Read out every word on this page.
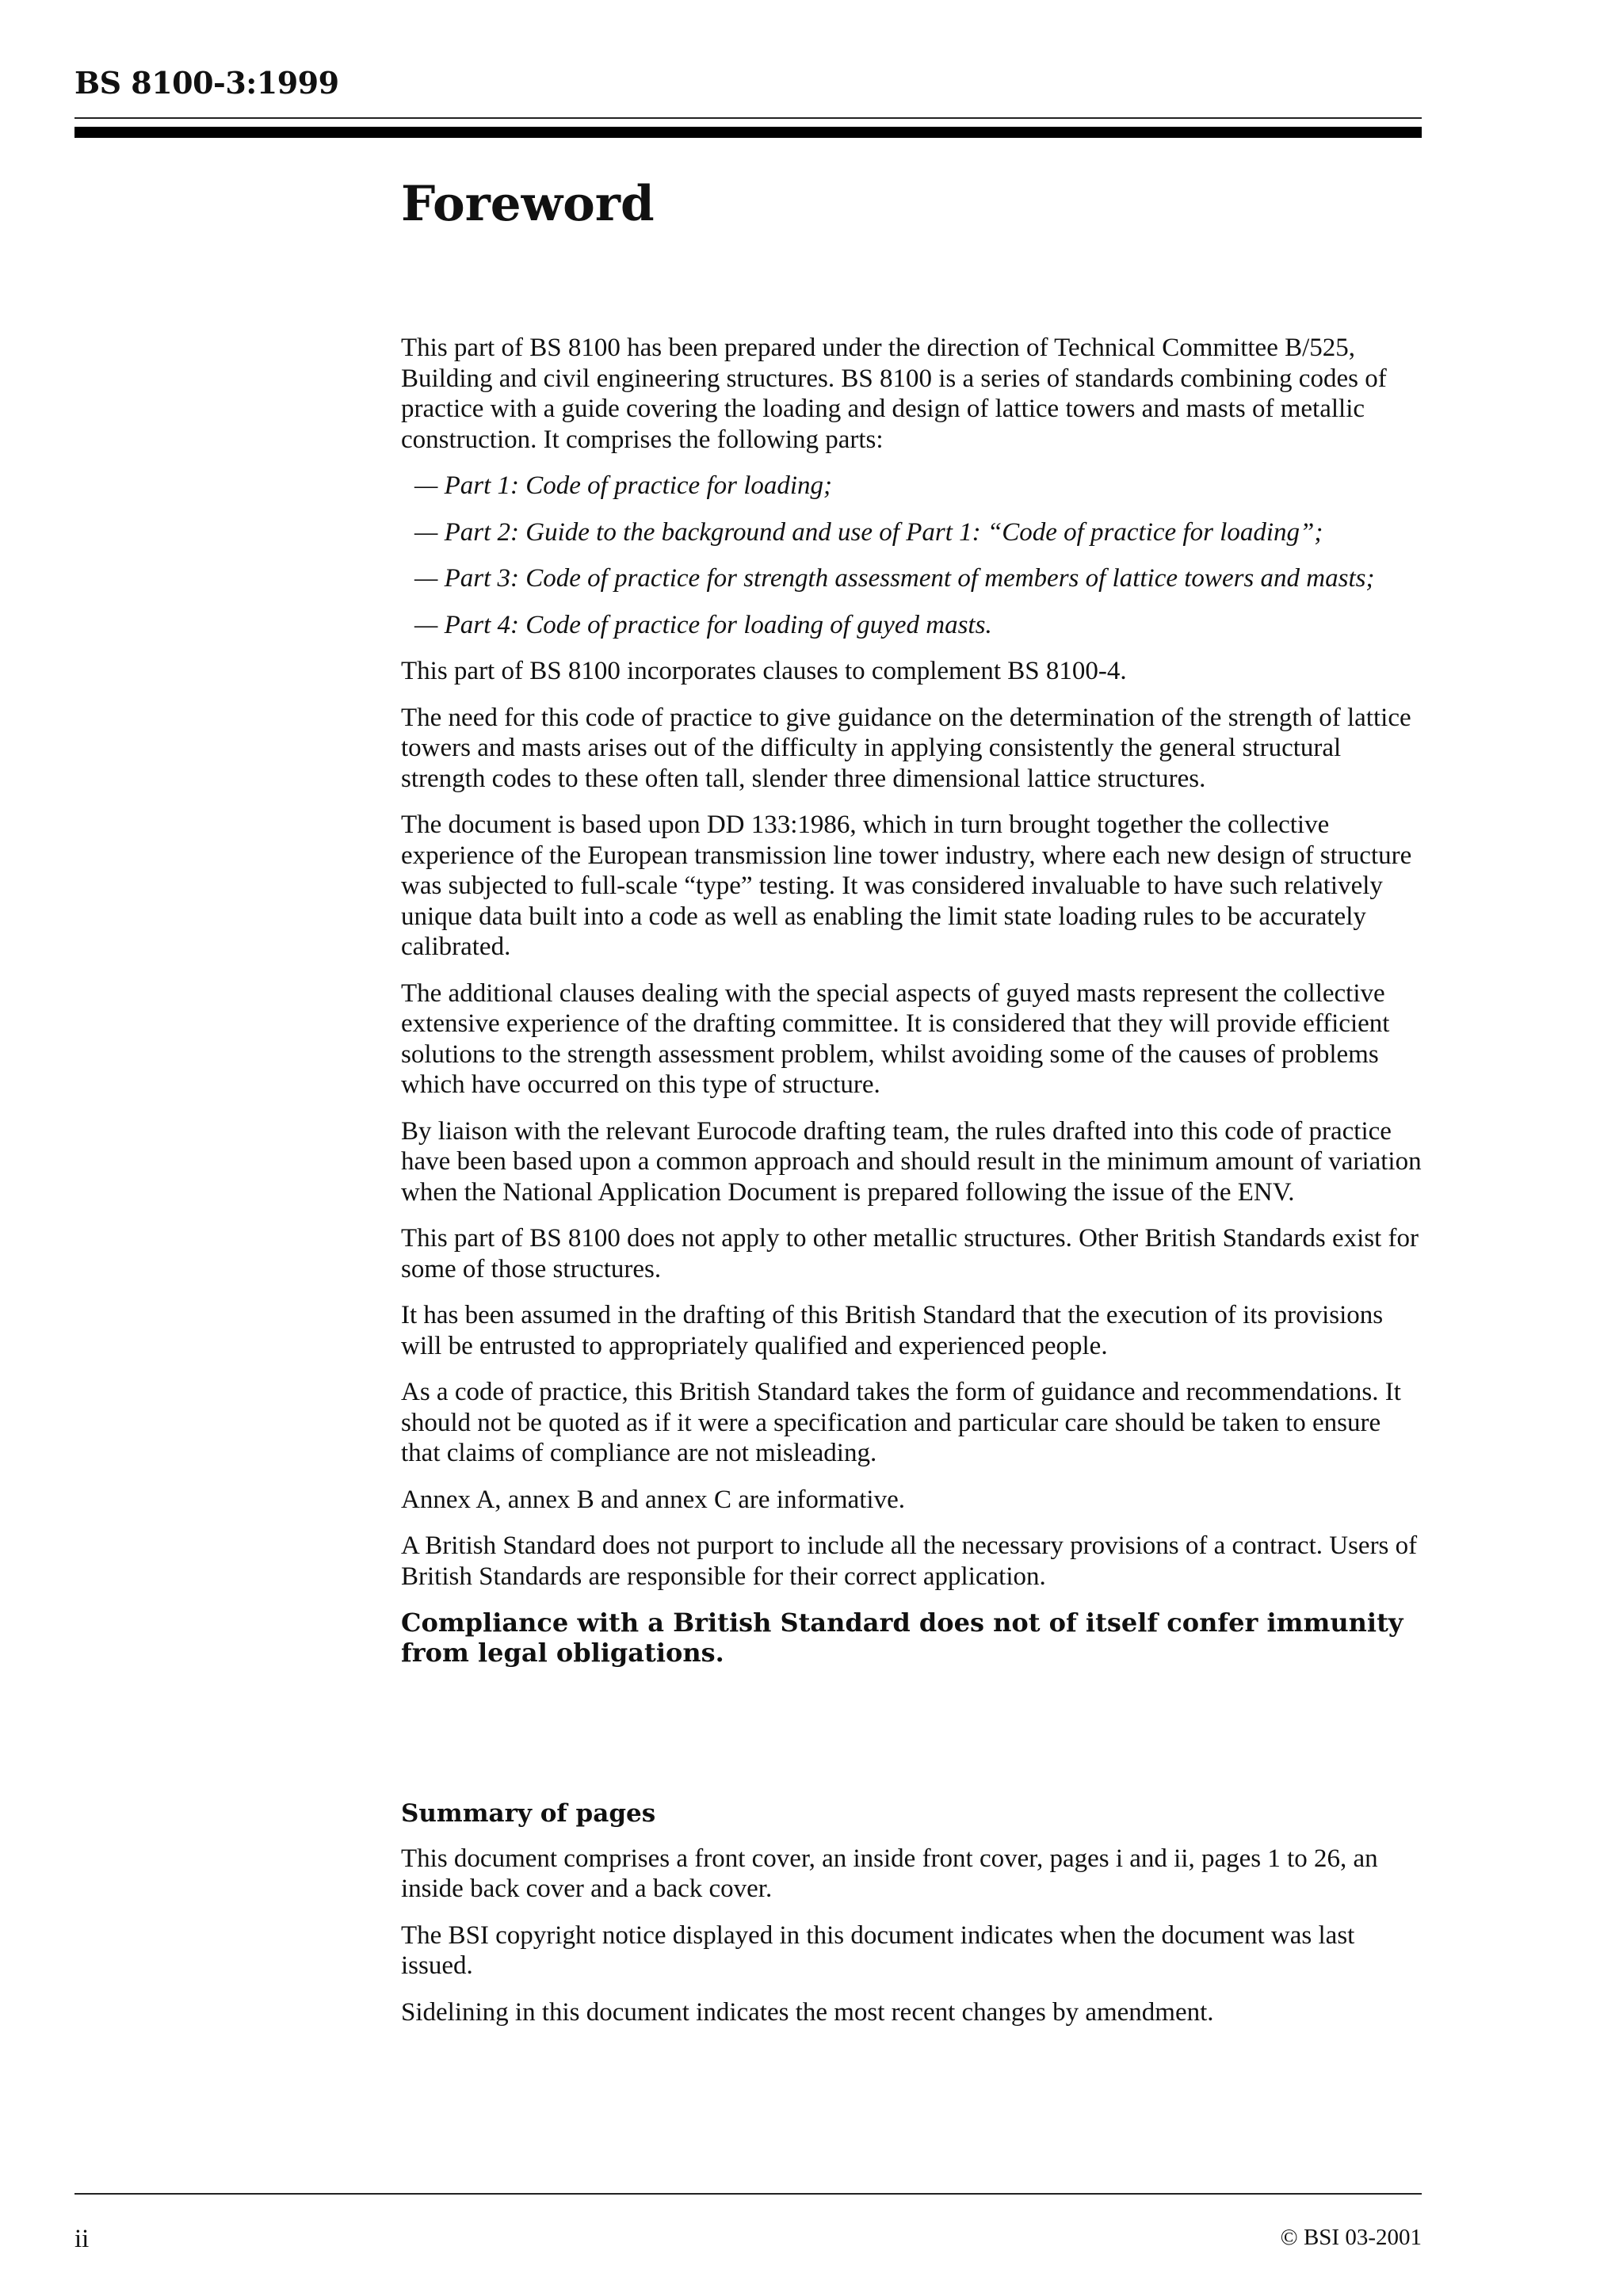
BS 8100-3:1999
Foreword

This part of BS 8100 has been prepared under the direction of Technical Committee B/525, Building and civil engineering structures. BS 8100 is a series of standards combining codes of practice with a guide covering the loading and design of lattice towers and masts of metallic construction. It comprises the following parts:

— Part 1: Code of practice for loading;

— Part 2: Guide to the background and use of Part 1: “Code of practice for loading”;

— Part 3: Code of practice for strength assessment of members of lattice towers and masts;

— Part 4: Code of practice for loading of guyed masts.

This part of BS 8100 incorporates clauses to complement BS 8100-4.

The need for this code of practice to give guidance on the determination of the strength of lattice towers and masts arises out of the difficulty in applying consistently the general structural strength codes to these often tall, slender three dimensional lattice structures.

The document is based upon DD 133:1986, which in turn brought together the collective experience of the European transmission line tower industry, where each new design of structure was subjected to full-scale “type” testing. It was considered invaluable to have such relatively unique data built into a code as well as enabling the limit state loading rules to be accurately calibrated.

The additional clauses dealing with the special aspects of guyed masts represent the collective extensive experience of the drafting committee. It is considered that they will provide efficient solutions to the strength assessment problem, whilst avoiding some of the causes of problems which have occurred on this type of structure.

By liaison with the relevant Eurocode drafting team, the rules drafted into this code of practice have been based upon a common approach and should result in the minimum amount of variation when the National Application Document is prepared following the issue of the ENV.

This part of BS 8100 does not apply to other metallic structures. Other British Standards exist for some of those structures.

It has been assumed in the drafting of this British Standard that the execution of its provisions will be entrusted to appropriately qualified and experienced people.

As a code of practice, this British Standard takes the form of guidance and recommendations. It should not be quoted as if it were a specification and particular care should be taken to ensure that claims of compliance are not misleading.

Annex A, annex B and annex C are informative.

A British Standard does not purport to include all the necessary provisions of a contract. Users of British Standards are responsible for their correct application.

Compliance with a British Standard does not of itself confer immunity from legal obligations.

Summary of pages

This document comprises a front cover, an inside front cover, pages i and ii, pages 1 to 26, an inside back cover and a back cover.

The BSI copyright notice displayed in this document indicates when the document was last issued.

Sidelining in this document indicates the most recent changes by amendment.

ii	© BSI 03-2001
